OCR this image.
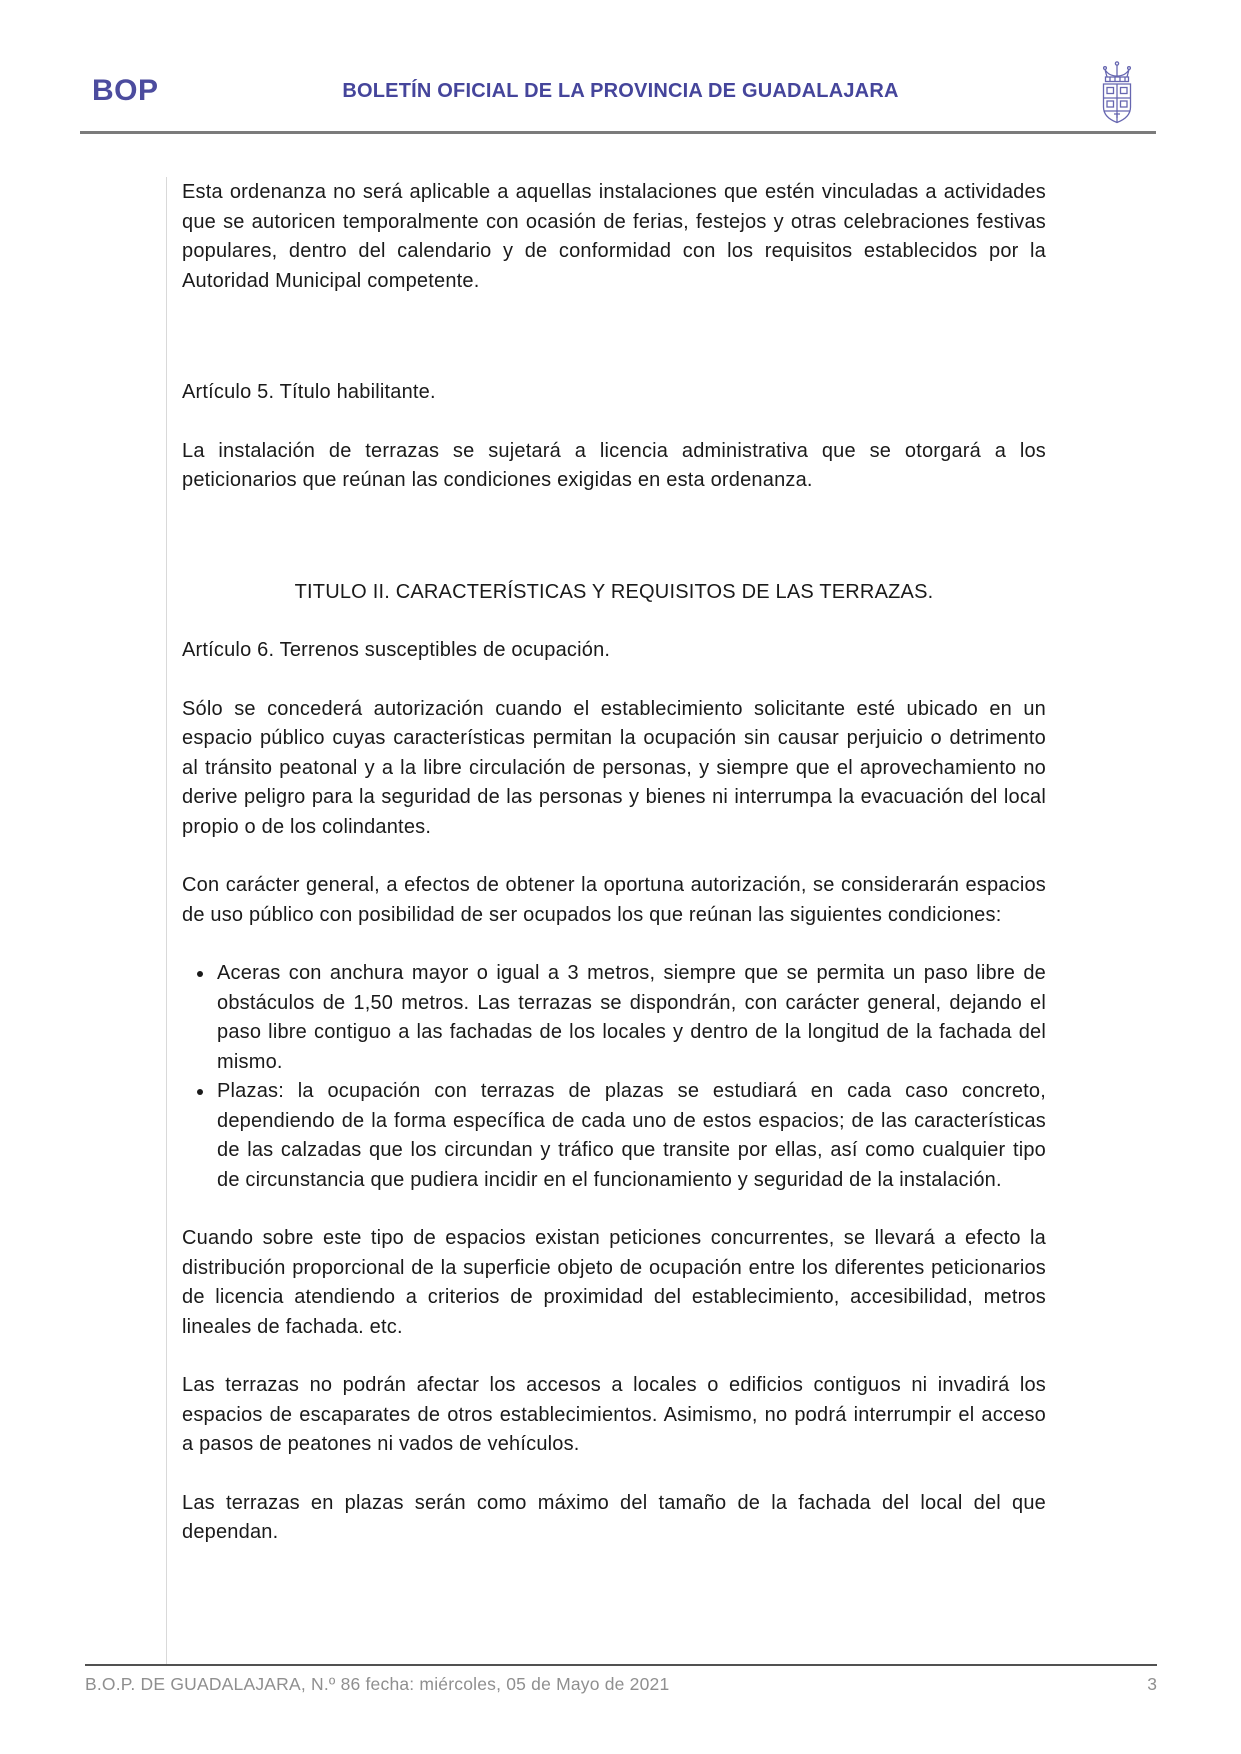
BOP	BOLETÍN OFICIAL DE LA PROVINCIA DE GUADALAJARA

Esta ordenanza no será aplicable a aquellas instalaciones que estén vinculadas a actividades que se autoricen temporalmente con ocasión de ferias, festejos y otras celebraciones festivas populares, dentro del calendario y de conformidad con los requisitos establecidos por la Autoridad Municipal competente.

Artículo 5. Título habilitante.

La instalación de terrazas se sujetará a licencia administrativa que se otorgará a los peticionarios que reúnan las condiciones exigidas en esta ordenanza.

TITULO II. CARACTERÍSTICAS Y REQUISITOS DE LAS TERRAZAS.

Artículo 6. Terrenos susceptibles de ocupación.

Sólo se concederá autorización cuando el establecimiento solicitante esté ubicado en un espacio público cuyas características permitan la ocupación sin causar perjuicio o detrimento al tránsito peatonal y a la libre circulación de personas, y siempre que el aprovechamiento no derive peligro para la seguridad de las personas y bienes ni interrumpa la evacuación del local propio o de los colindantes.

Con carácter general, a efectos de obtener la oportuna autorización, se considerarán espacios de uso público con posibilidad de ser ocupados los que reúnan las siguientes condiciones:

• Aceras con anchura mayor o igual a 3 metros, siempre que se permita un paso libre de obstáculos de 1,50 metros. Las terrazas se dispondrán, con carácter general, dejando el paso libre contiguo a las fachadas de los locales y dentro de la longitud de la fachada del mismo.
• Plazas: la ocupación con terrazas de plazas se estudiará en cada caso concreto, dependiendo de la forma específica de cada uno de estos espacios; de las características de las calzadas que los circundan y tráfico que transite por ellas, así como cualquier tipo de circunstancia que pudiera incidir en el funcionamiento y seguridad de la instalación.

Cuando sobre este tipo de espacios existan peticiones concurrentes, se llevará a efecto la distribución proporcional de la superficie objeto de ocupación entre los diferentes peticionarios de licencia atendiendo a criterios de proximidad del establecimiento, accesibilidad, metros lineales de fachada. etc.

Las terrazas no podrán afectar los accesos a locales o edificios contiguos ni invadirá los espacios de escaparates de otros establecimientos. Asimismo, no podrá interrumpir el acceso a pasos de peatones ni vados de vehículos.

Las terrazas en plazas serán como máximo del tamaño de la fachada del local del que dependan.

B.O.P. DE GUADALAJARA, N.º 86 fecha: miércoles, 05 de Mayo de 2021	3
